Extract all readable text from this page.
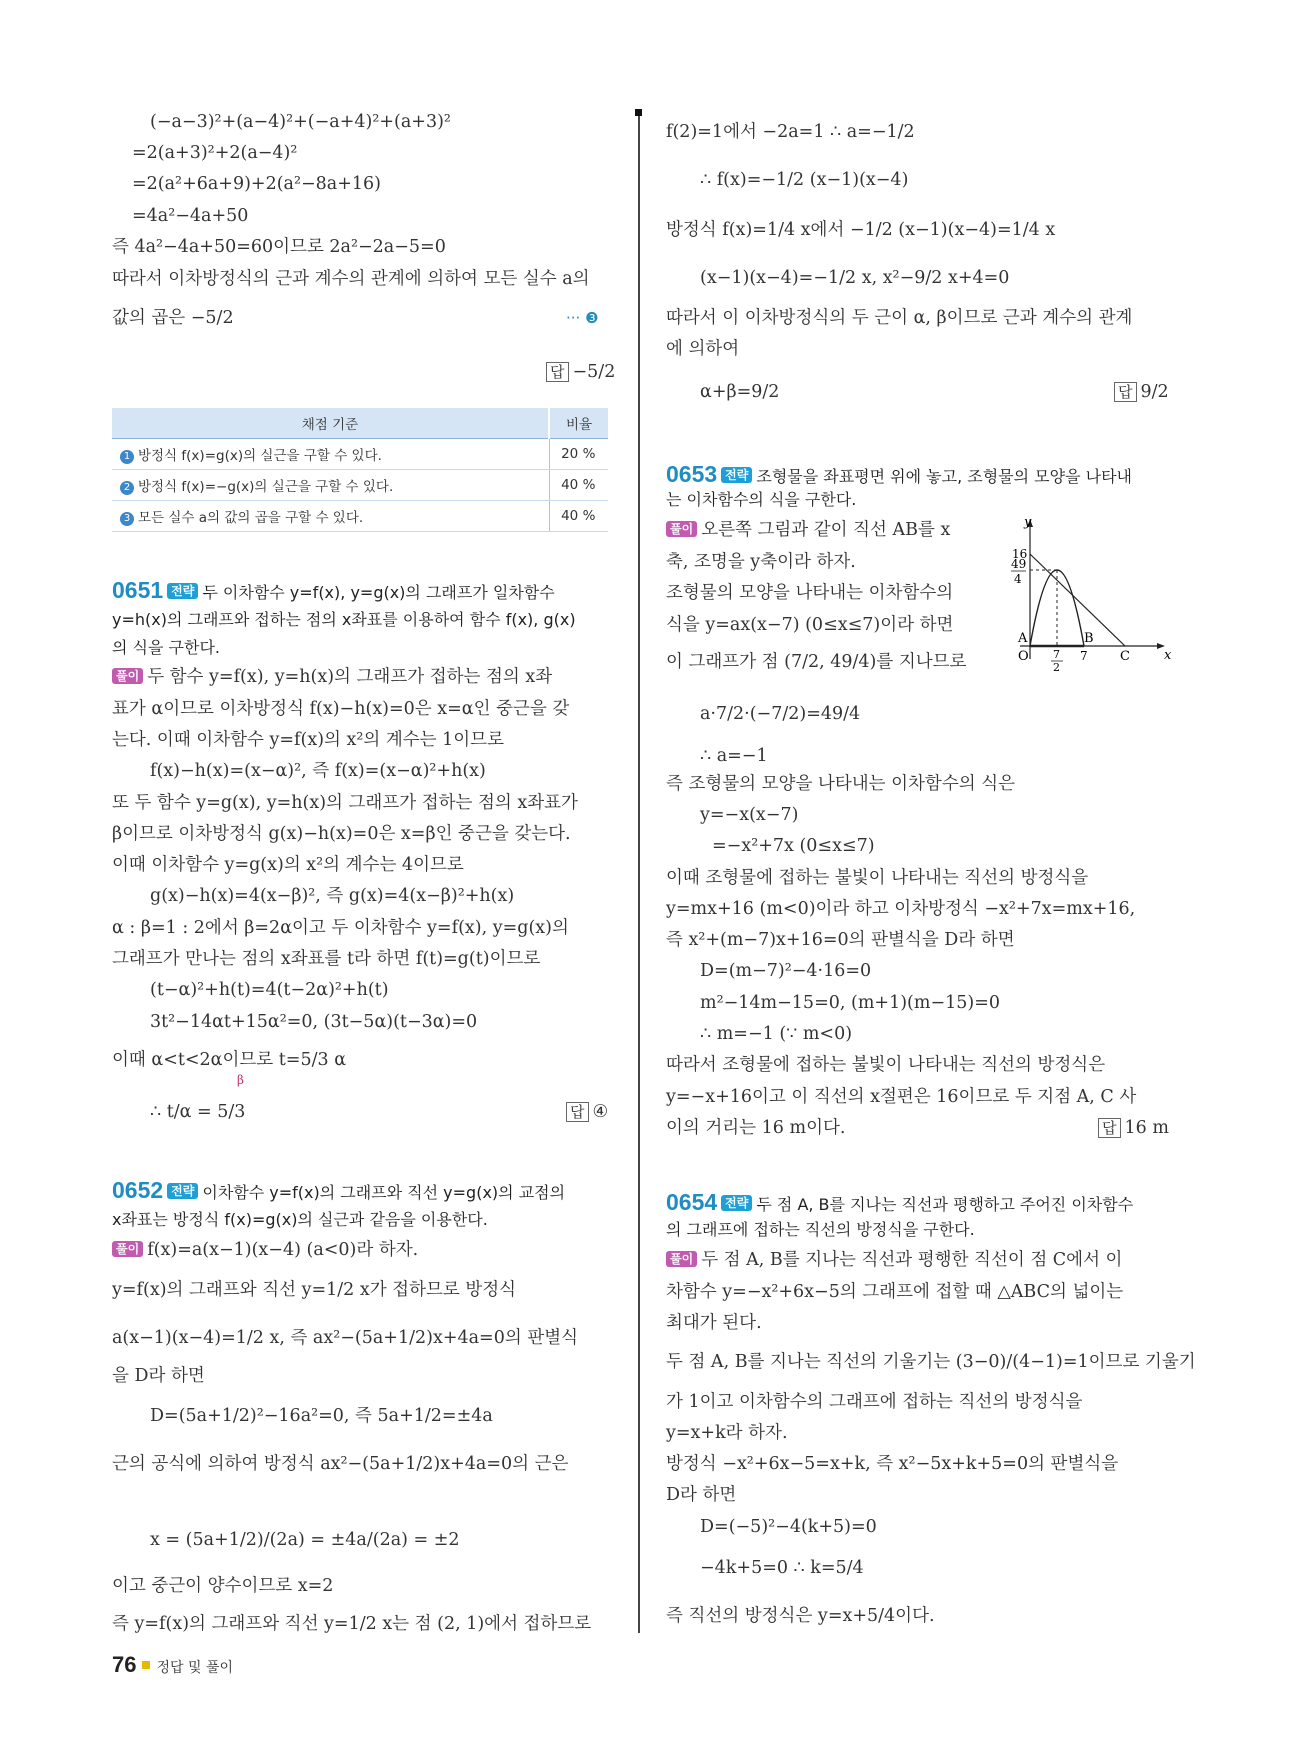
(−a−3)²+(a−4)²+(−a+4)²+(a+3)²
=2(a+3)²+2(a−4)²
=2(a²+6a+9)+2(a²−8a+16)
=4a²−4a+50
즉 4a²−4a+50=60이므로 2a²−2a−5=0
따라서 이차방정식의 근과 계수의 관계에 의하여 모든 실수 a의
값의 곱은 −5/2	··· ❸
답 −5/2
채점 기준	비율
1 방정식 f(x)=g(x)의 실근을 구할 수 있다.	20 %
2 방정식 f(x)=−g(x)의 실근을 구할 수 있다.	40 %
3 모든 실수 a의 값의 곱을 구할 수 있다.	40 %
0651 전략 두 이차함수 y=f(x), y=g(x)의 그래프가 일차함수
y=h(x)의 그래프와 접하는 점의 x좌표를 이용하여 함수 f(x), g(x)
의 식을 구한다.
풀이 두 함수 y=f(x), y=h(x)의 그래프가 접하는 점의 x좌
표가 α이므로 이차방정식 f(x)−h(x)=0은 x=α인 중근을 갖
는다. 이때 이차함수 y=f(x)의 x²의 계수는 1이므로
f(x)−h(x)=(x−α)², 즉 f(x)=(x−α)²+h(x)
또 두 함수 y=g(x), y=h(x)의 그래프가 접하는 점의 x좌표가
β이므로 이차방정식 g(x)−h(x)=0은 x=β인 중근을 갖는다.
이때 이차함수 y=g(x)의 x²의 계수는 4이므로
g(x)−h(x)=4(x−β)², 즉 g(x)=4(x−β)²+h(x)
α : β=1 : 2에서 β=2α이고 두 이차함수 y=f(x), y=g(x)의
그래프가 만나는 점의 x좌표를 t라 하면 f(t)=g(t)이므로
(t−α)²+h(t)=4(t−2α)²+h(t)
3t²−14αt+15α²=0, (3t−5α)(t−3α)=0
이때 α<t<2α이므로 t=5/3 α
β
∴ t/α = 5/3	답 ④
0652 전략 이차함수 y=f(x)의 그래프와 직선 y=g(x)의 교점의
x좌표는 방정식 f(x)=g(x)의 실근과 같음을 이용한다.
풀이 f(x)=a(x−1)(x−4) (a<0)라 하자.
y=f(x)의 그래프와 직선 y=1/2 x가 접하므로 방정식
a(x−1)(x−4)=1/2 x, 즉 ax²−(5a+1/2)x+4a=0의 판별식
을 D라 하면
D=(5a+1/2)²−16a²=0, 즉 5a+1/2=±4a
근의 공식에 의하여 방정식 ax²−(5a+1/2)x+4a=0의 근은
x = (5a+1/2)/(2a) = ±4a/(2a) = ±2
이고 중근이 양수이므로 x=2
즉 y=f(x)의 그래프와 직선 y=1/2 x는 점 (2, 1)에서 접하므로
f(2)=1에서 −2a=1 ∴ a=−1/2
∴ f(x)=−1/2 (x−1)(x−4)
방정식 f(x)=1/4 x에서 −1/2 (x−1)(x−4)=1/4 x
(x−1)(x−4)=−1/2 x, x²−9/2 x+4=0
따라서 이 이차방정식의 두 근이 α, β이므로 근과 계수의 관계
에 의하여
α+β=9/2	답 9/2
0653 전략 조형물을 좌표평면 위에 놓고, 조형물의 모양을 나타내
는 이차함수의 식을 구한다.
풀이 오른쪽 그림과 같이 직선 AB를 x
축, 조명을 y축이라 하자.
조형물의 모양을 나타내는 이차함수의
식을 y=ax(x−7) (0≤x≤7)이라 하면
이 그래프가 점 (7/2, 49/4)를 지나므로
a·7/2·(−7/2)=49/4
∴ a=−1
즉 조형물의 모양을 나타내는 이차함수의 식은
y=−x(x−7)
=−x²+7x (0≤x≤7)
이때 조형물에 접하는 불빛이 나타내는 직선의 방정식을
y=mx+16 (m<0)이라 하고 이차방정식 −x²+7x=mx+16,
즉 x²+(m−7)x+16=0의 판별식을 D라 하면
D=(m−7)²−4·16=0
m²−14m−15=0, (m+1)(m−15)=0
∴ m=−1 (∵ m<0)
따라서 조형물에 접하는 불빛이 나타내는 직선의 방정식은
y=−x+16이고 이 직선의 x절편은 16이므로 두 지점 A, C 사
이의 거리는 16 m이다.	답 16 m
y
x
16
49
4
A	B
C
O 7
2
7
0654 전략 두 점 A, B를 지나는 직선과 평행하고 주어진 이차함수
의 그래프에 접하는 직선의 방정식을 구한다.
풀이 두 점 A, B를 지나는 직선과 평행한 직선이 점 C에서 이
차함수 y=−x²+6x−5의 그래프에 접할 때 △ABC의 넓이는
최대가 된다.
두 점 A, B를 지나는 직선의 기울기는 (3−0)/(4−1)=1이므로 기울기
가 1이고 이차함수의 그래프에 접하는 직선의 방정식을
y=x+k라 하자.
방정식 −x²+6x−5=x+k, 즉 x²−5x+k+5=0의 판별식을
D라 하면
D=(−5)²−4(k+5)=0
−4k+5=0 ∴ k=5/4
즉 직선의 방정식은 y=x+5/4이다.
76 정답 및 풀이
